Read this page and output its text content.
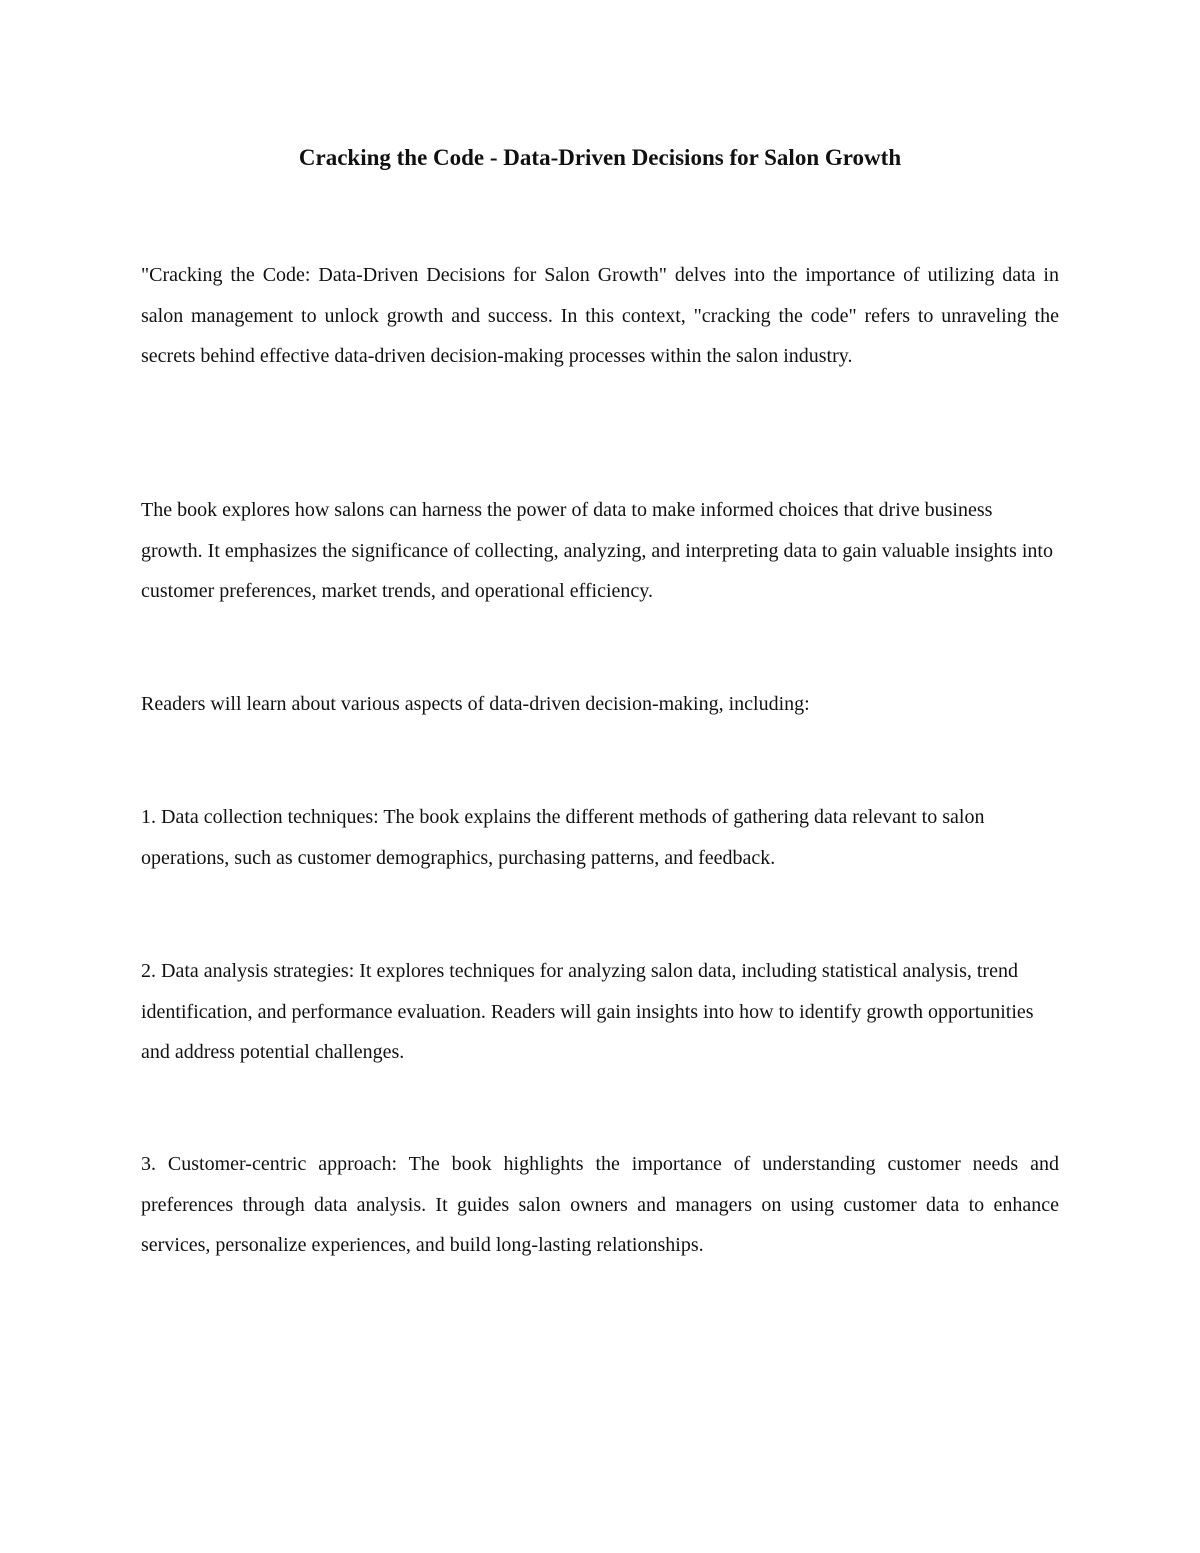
Cracking the Code - Data-Driven Decisions for Salon Growth

"Cracking the Code: Data-Driven Decisions for Salon Growth" delves into the importance of utilizing data in salon management to unlock growth and success. In this context, "cracking the code" refers to unraveling the secrets behind effective data-driven decision-making processes within the salon industry.

The book explores how salons can harness the power of data to make informed choices that drive business growth. It emphasizes the significance of collecting, analyzing, and interpreting data to gain valuable insights into customer preferences, market trends, and operational efficiency.

Readers will learn about various aspects of data-driven decision-making, including:

1. Data collection techniques: The book explains the different methods of gathering data relevant to salon operations, such as customer demographics, purchasing patterns, and feedback.

2. Data analysis strategies: It explores techniques for analyzing salon data, including statistical analysis, trend identification, and performance evaluation. Readers will gain insights into how to identify growth opportunities and address potential challenges.

3. Customer-centric approach: The book highlights the importance of understanding customer needs and preferences through data analysis. It guides salon owners and managers on using customer data to enhance services, personalize experiences, and build long-lasting relationships.
